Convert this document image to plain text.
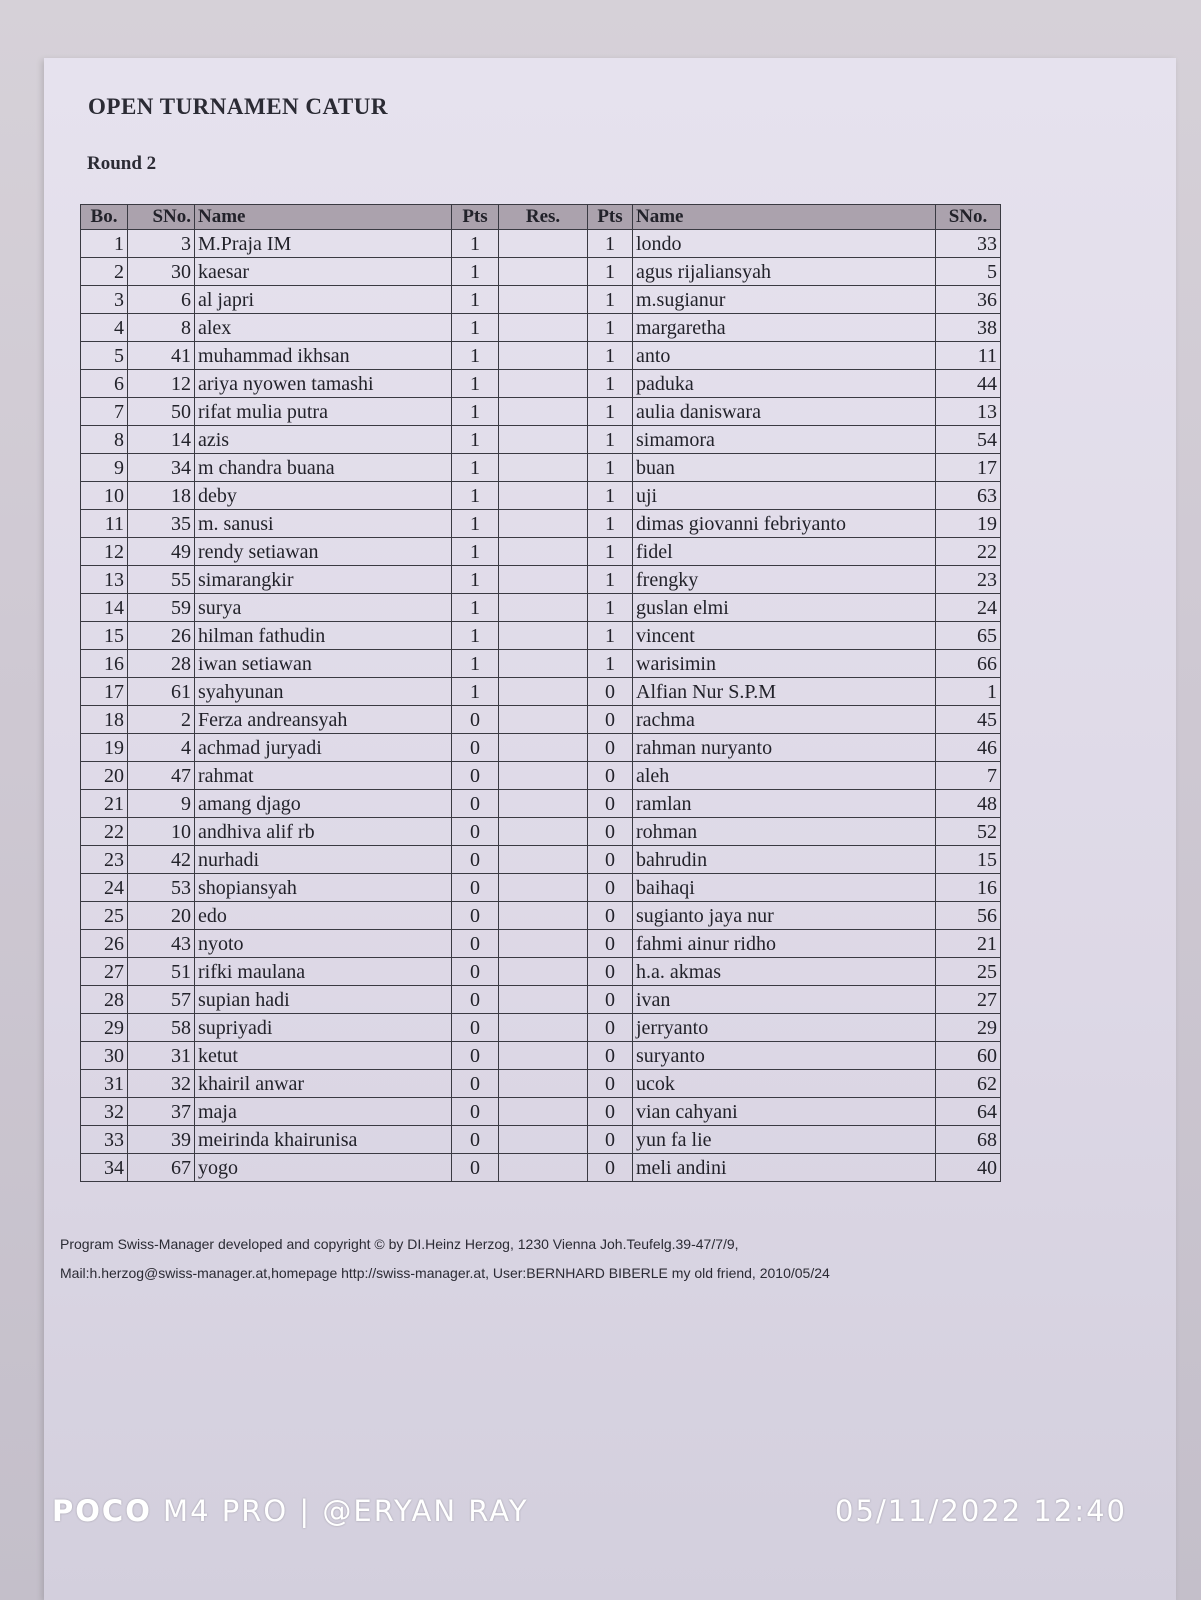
OPEN TURNAMEN CATUR
Round 2
Bo.	SNo.	Name	Pts	Res.	Pts	Name	SNo.
1	3	M.Praja IM	1		1	londo	33
2	30	kaesar	1		1	agus rijaliansyah	5
3	6	al japri	1		1	m.sugianur	36
4	8	alex	1		1	margaretha	38
5	41	muhammad ikhsan	1		1	anto	11
6	12	ariya nyowen tamashi	1		1	paduka	44
7	50	rifat mulia putra	1		1	aulia daniswara	13
8	14	azis	1		1	simamora	54
9	34	m chandra buana	1		1	buan	17
10	18	deby	1		1	uji	63
11	35	m. sanusi	1		1	dimas giovanni febriyanto	19
12	49	rendy setiawan	1		1	fidel	22
13	55	simarangkir	1		1	frengky	23
14	59	surya	1		1	guslan elmi	24
15	26	hilman fathudin	1		1	vincent	65
16	28	iwan setiawan	1		1	warisimin	66
17	61	syahyunan	1		0	Alfian Nur S.P.M	1
18	2	Ferza andreansyah	0		0	rachma	45
19	4	achmad juryadi	0		0	rahman nuryanto	46
20	47	rahmat	0		0	aleh	7
21	9	amang djago	0		0	ramlan	48
22	10	andhiva alif rb	0		0	rohman	52
23	42	nurhadi	0		0	bahrudin	15
24	53	shopiansyah	0		0	baihaqi	16
25	20	edo	0		0	sugianto jaya nur	56
26	43	nyoto	0		0	fahmi ainur ridho	21
27	51	rifki maulana	0		0	h.a. akmas	25
28	57	supian hadi	0		0	ivan	27
29	58	supriyadi	0		0	jerryanto	29
30	31	ketut	0		0	suryanto	60
31	32	khairil anwar	0		0	ucok	62
32	37	maja	0		0	vian cahyani	64
33	39	meirinda khairunisa	0		0	yun fa lie	68
34	67	yogo	0		0	meli andini	40
Program Swiss-Manager developed and copyright © by DI.Heinz Herzog, 1230 Vienna Joh.Teufelg.39-47/7/9,
Mail:h.herzog@swiss-manager.at,homepage http://swiss-manager.at, User:BERNHARD BIBERLE my old friend, 2010/05/24
POCO M4 PRO | @ERYAN RAY	05/11/2022 12:40
